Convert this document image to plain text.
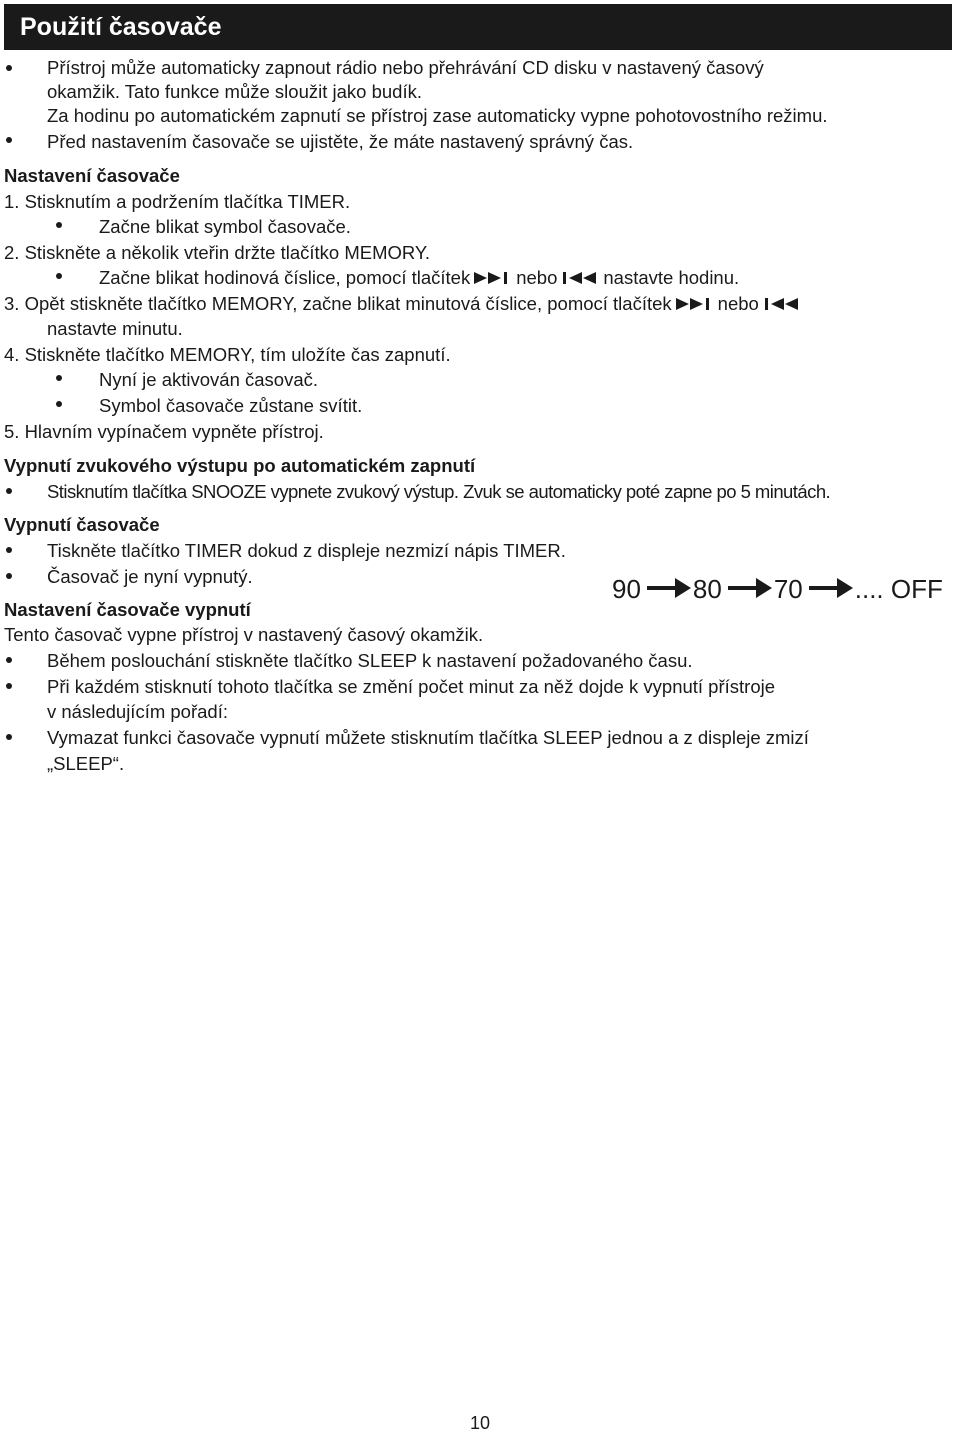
Použití časovače
Přístroj může automaticky zapnout rádio nebo přehrávání CD disku v nastavený časový
okamžik. Tato funkce může sloužit jako budík.
Za hodinu po automatickém zapnutí se přístroj zase automaticky vypne pohotovostního režimu.
Před nastavením časovače se ujistěte, že máte nastavený správný čas.
Nastavení časovače
1. Stisknutím a podržením tlačítka TIMER.
Začne blikat symbol časovače.
2. Stiskněte a několik vteřin držte tlačítko MEMORY.
Začne blikat hodinová číslice, pomocí tlačítek nebo nastavte hodinu.
3. Opět stiskněte tlačítko MEMORY, začne blikat minutová číslice, pomocí tlačítek nebo
nastavte minutu.
4. Stiskněte tlačítko MEMORY, tím uložíte čas zapnutí.
Nyní je aktivován časovač.
Symbol časovače zůstane svítit.
5. Hlavním vypínačem vypněte přístroj.
Vypnutí zvukového výstupu po automatickém zapnutí
Stisknutím tlačítka SNOOZE vypnete zvukový výstup. Zvuk se automaticky poté zapne po 5 minutách.
Vypnutí časovače
Tiskněte tlačítko TIMER dokud z displeje nezmizí nápis TIMER.
Časovač je nyní vypnutý.	90 80 70 .... OFF
Nastavení časovače vypnutí
Tento časovač vypne přístroj v nastavený časový okamžik.
Během poslouchání stiskněte tlačítko SLEEP k nastavení požadovaného času.
Při každém stisknutí tohoto tlačítka se změní počet minut za něž dojde k vypnutí přístroje
v následujícím pořadí:
Vymazat funkci časovače vypnutí můžete stisknutím tlačítka SLEEP jednou a z displeje zmizí
„SLEEP“.
10
